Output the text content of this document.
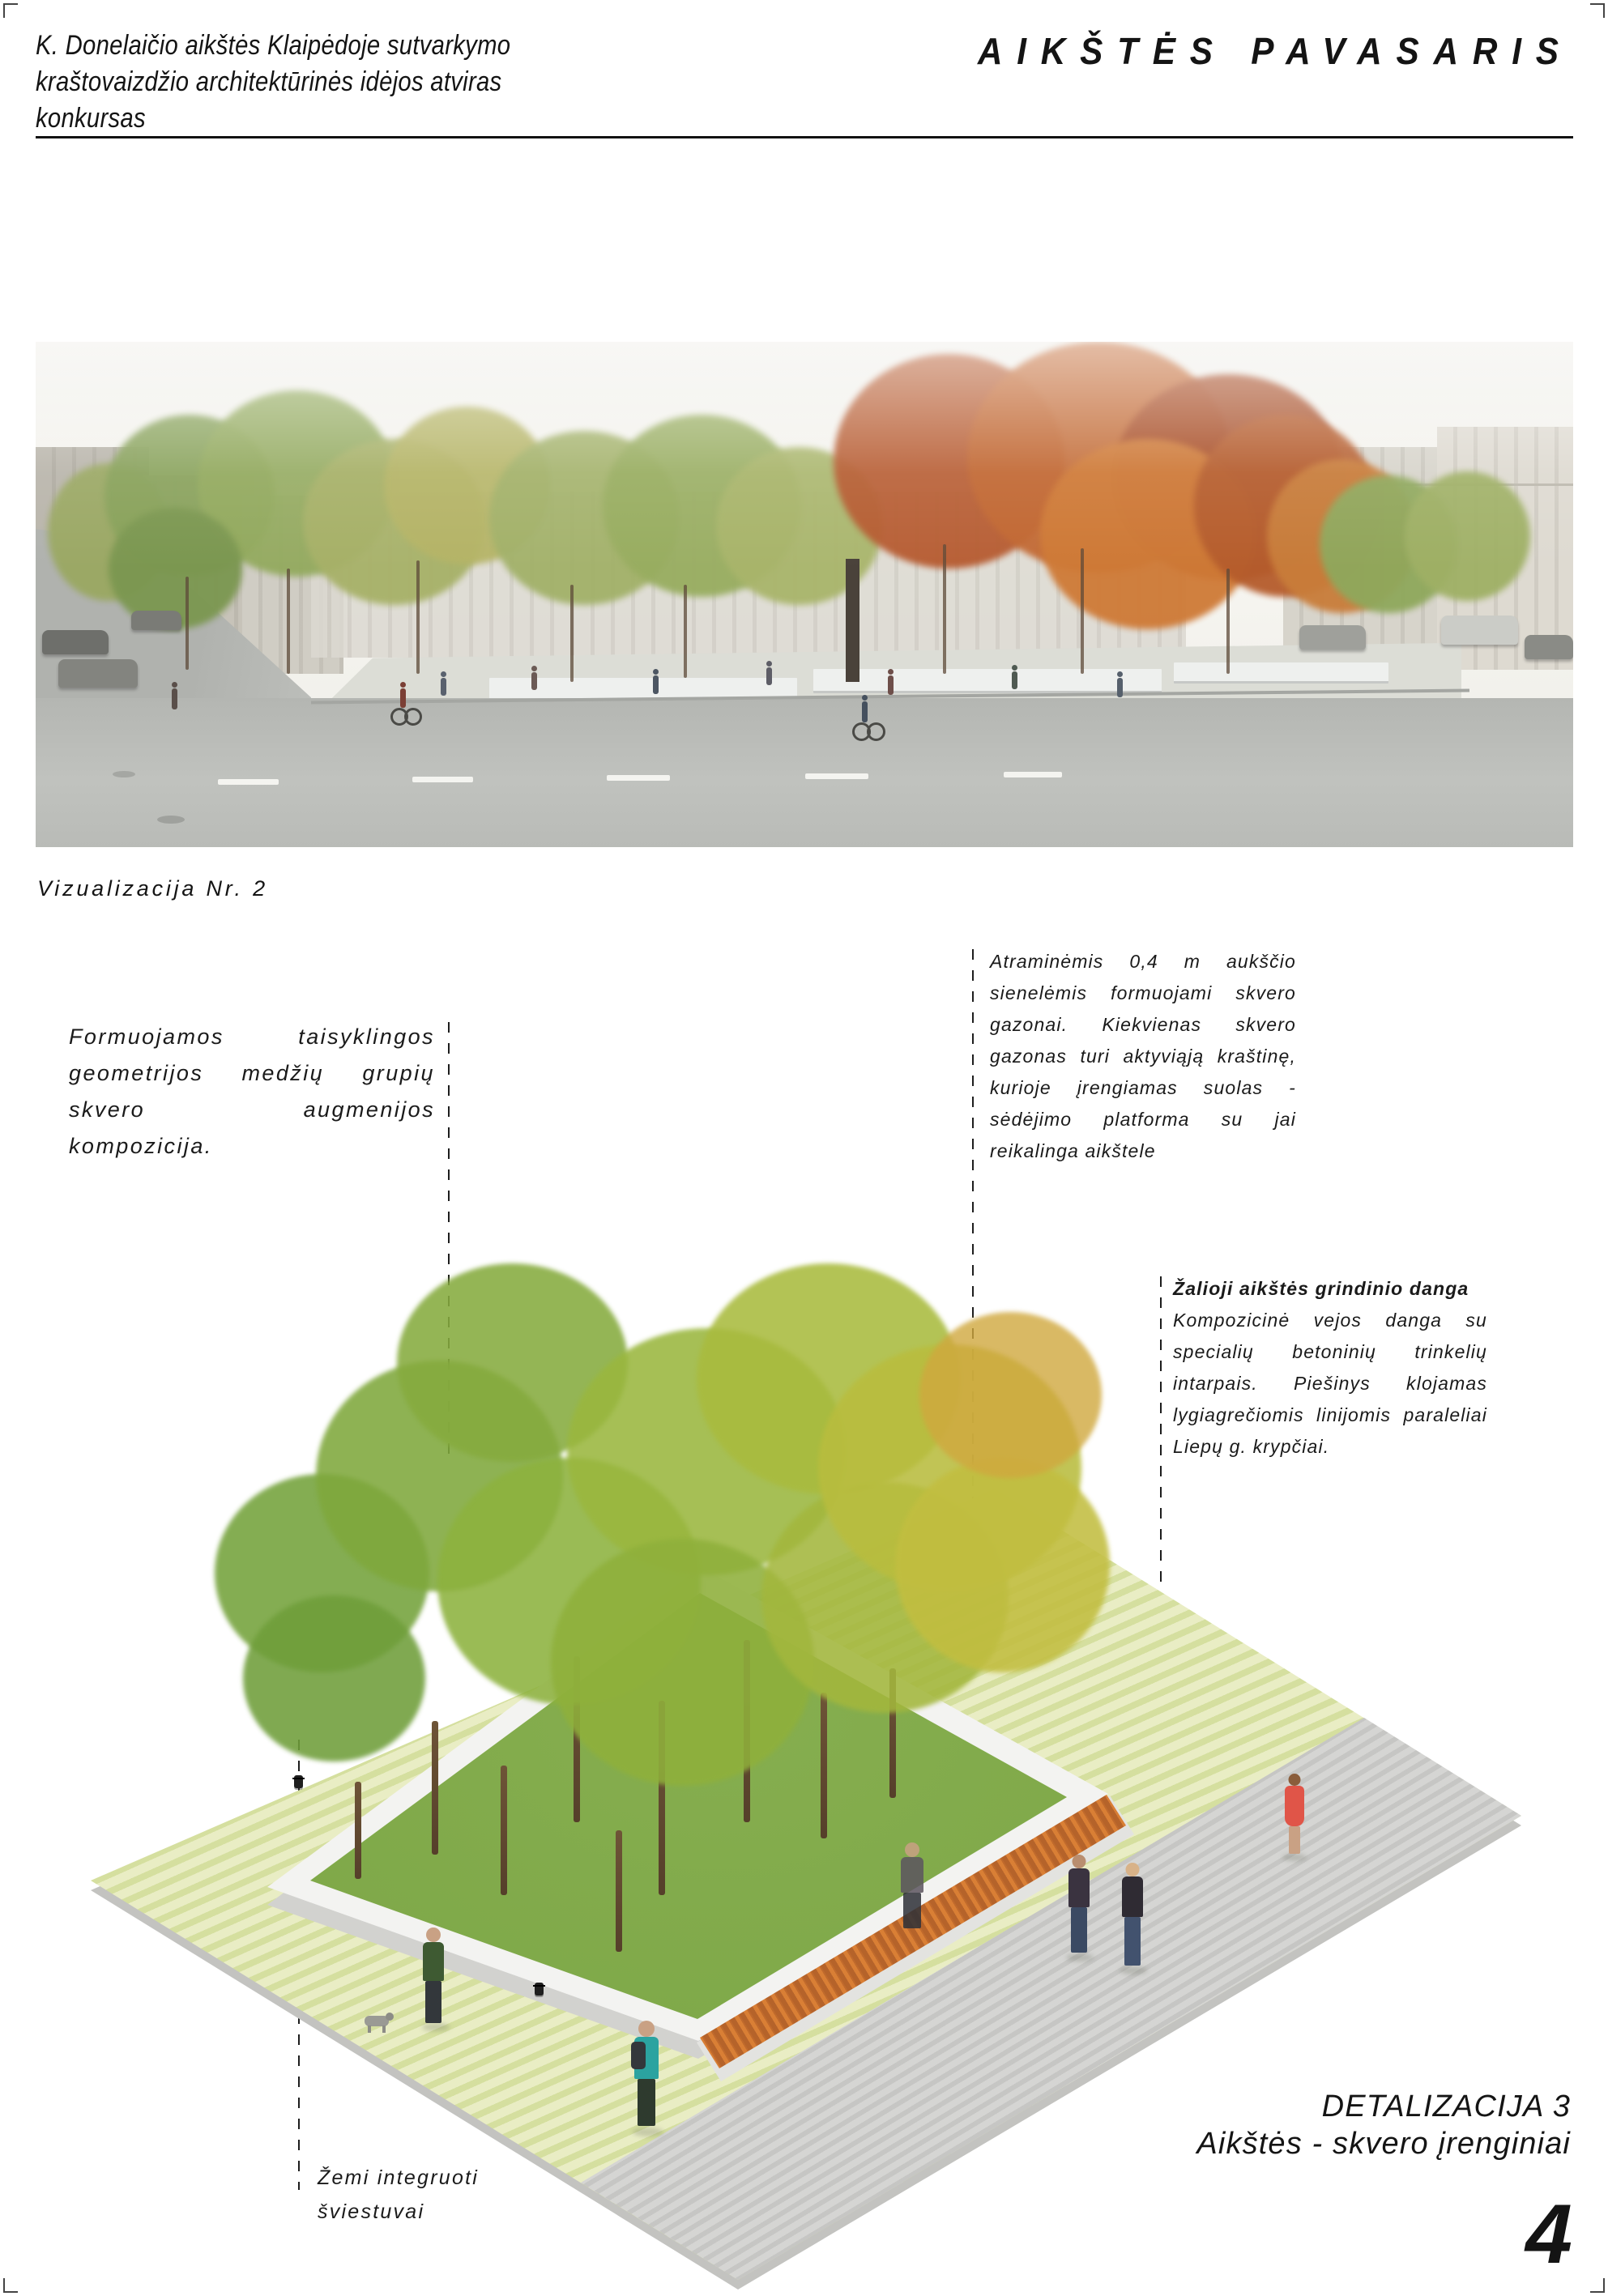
K. Donelaičio aikštės Klaipėdoje sutvarkymo
kraštovaizdžio architektūrinės idėjos atviras konkursas
AIKŠTĖS PAVASARIS
Vizualizacija Nr. 2
Formuojamos taisyklingos geometrijos medžių grupių skvero augmenijos kompozicija.
Atraminėmis 0,4 m aukščio sienelėmis formuojami skvero gazonai. Kiekvienas skvero gazonas turi aktyviąją kraštinę, kurioje įrengiamas suolas - sėdėjimo platforma su jai reikalinga aikštele
Žalioji aikštės grindinio danga
Kompozicinė vejos danga su specialių betoninių trinkelių intarpais. Piešinys klojamas lygiagrečiomis linijomis paraleliai Liepų g. krypčiai.
Žemi integruoti šviestuvai
DETALIZACIJA 3
Aikštės - skvero įrenginiai
4
